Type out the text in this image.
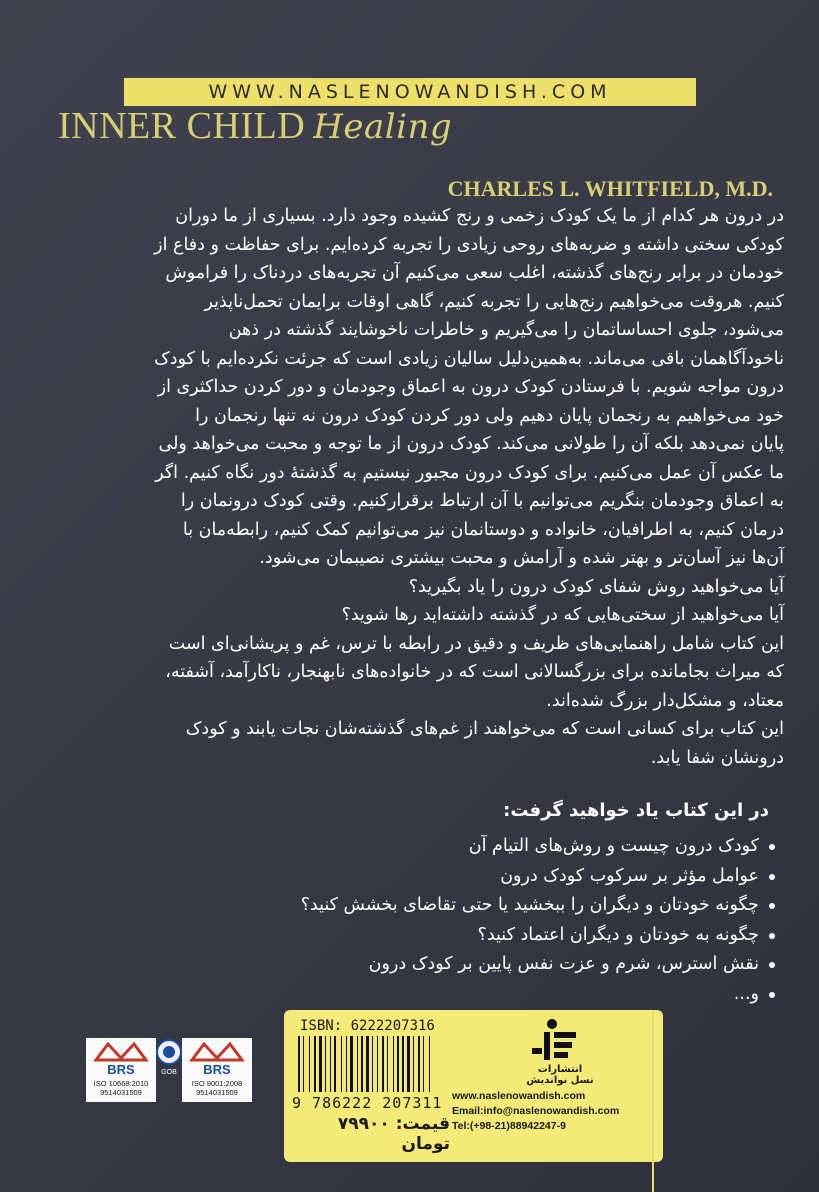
WWW.NASLENOWANDISH.COM
INNER CHILD Healing
CHARLES L. WHITFIELD, M.D.
در درون هر کدام از ما یک کودک زخمی و رنج کشیده وجود دارد. بسیاری از ما دوران
کودکی سختی داشته و ضربه‌های روحی زیادی را تجربه کرده‌ایم. برای حفاظت و دفاع از
خودمان در برابر رنج‌های گذشته، اغلب سعی می‌کنیم آن تجربه‌های دردناک را فراموش
کنیم. هروقت می‌خواهیم رنج‌هایی را تجربه کنیم، گاهی اوقات برایمان تحمل‌ناپذیر
می‌شود، جلوی احساساتمان را می‌گیریم و خاطرات ناخوشایند گذشته در ذهن
ناخودآگاهمان باقی می‌ماند. به‌همین‌دلیل سالیان زیادی است که جرئت نکرده‌ایم با کودک
درون مواجه شویم. با فرستادن کودک درون به اعماق وجودمان و دور کردن حداکثری از
خود می‌خواهیم به رنجمان پایان دهیم ولی دور کردن کودک درون نه تنها رنجمان را
پایان نمی‌دهد بلکه آن را طولانی می‌کند. کودک درون از ما توجه و محبت می‌خواهد ولی
ما عکس آن عمل می‌کنیم. برای کودک درون مجبور نیستیم به گذشتهٔ دور نگاه کنیم. اگر
به اعماق وجودمان بنگریم می‌توانیم با آن ارتباط برقرارکنیم. وقتی کودک درونمان را
درمان کنیم، به اطرافیان، خانواده و دوستانمان نیز می‌توانیم کمک کنیم، رابطه‌مان با
آن‌ها نیز آسان‌تر و بهتر شده و آرامش و محبت بیشتری نصیبمان می‌شود.
آیا می‌خواهید روش شفای کودک درون را یاد بگیرید؟
آیا می‌خواهید از سختی‌هایی که در گذشته داشته‌اید رها شوید؟
این کتاب شامل راهنمایی‌های ظریف و دقیق در رابطه با ترس، غم و پریشانی‌ای است
که میراث بجامانده برای بزرگسالانی است که در خانواده‌های نابهنجار، ناکارآمد، آشفته،
معتاد، و مشکل‌دار بزرگ شده‌اند.
این کتاب برای کسانی است که می‌خواهند از غم‌های گذشته‌شان نجات یابند و کودک
درونشان شفا یابد.
در این کتاب یاد خواهید گرفت:
کودک درون چیست و روش‌های التیام آن
عوامل مؤثر بر سرکوب کودک درون
چگونه خودتان و دیگران را ببخشید یا حتی تقاضای بخشش کنید؟
چگونه به خودتان و دیگران اعتماد کنید؟
نقش استرس، شرم و عزت نفس پایین بر کودک درون
و...
ISBN: 6222207316
9 786222 207311
قیمت: ۷۹۹۰۰ تومان
انتشارات
نسل نواندیش
www.naslenowandish.com
Email:info@naslenowandish.com
Tel:(+98-21)88942247-9
BRS
ISO 10668:2010
9514031509
GOB BRS
ISO 9001:2008
9514031509
